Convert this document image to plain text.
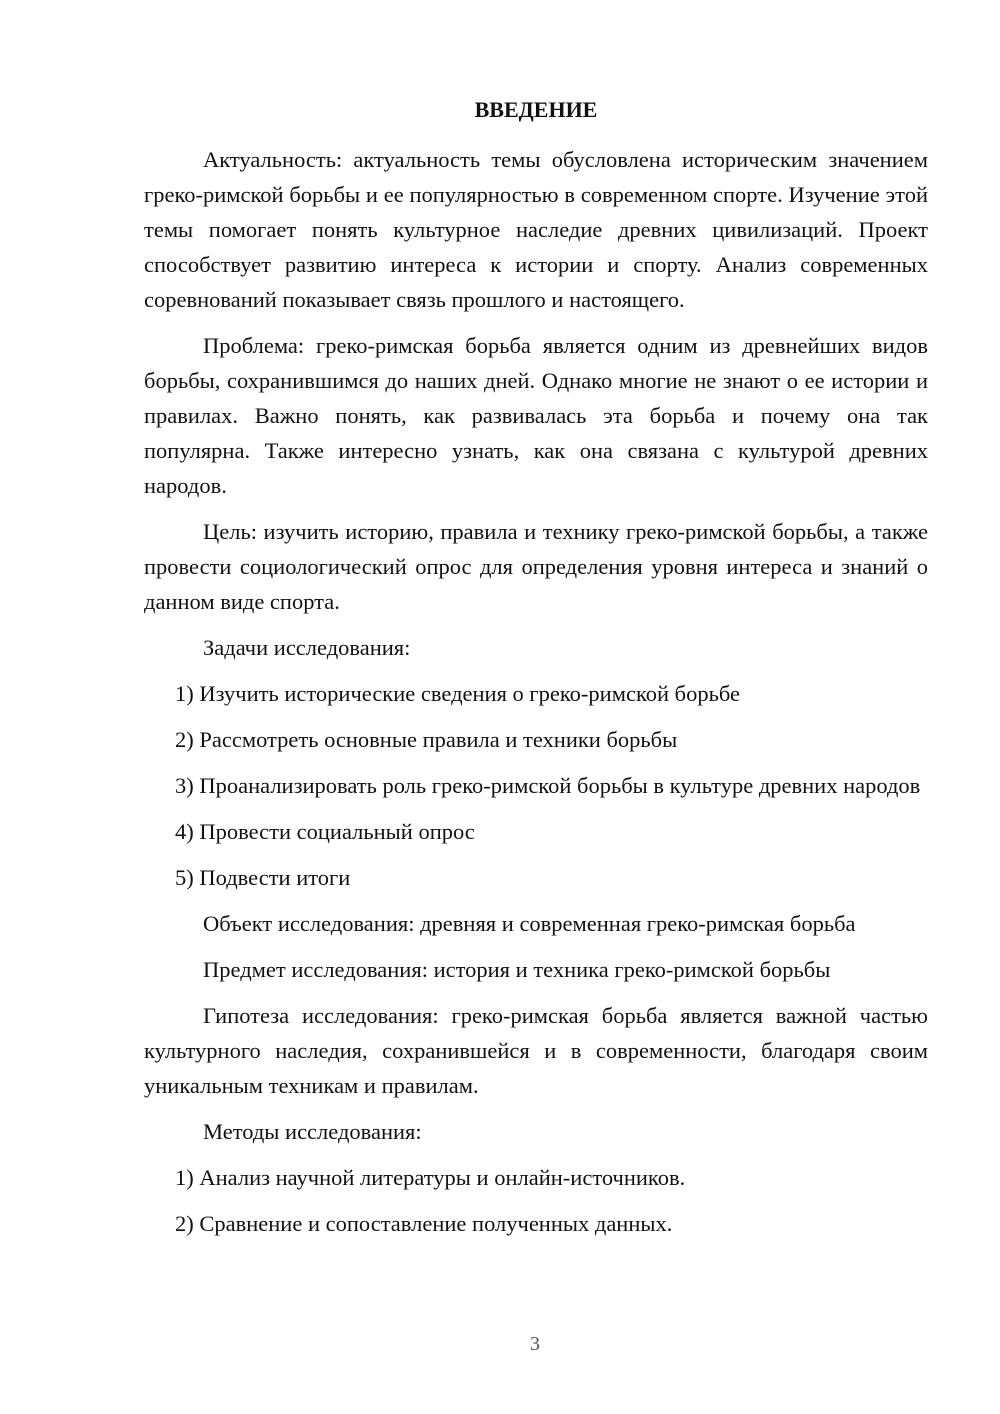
ВВЕДЕНИЕ

Актуальность: актуальность темы обусловлена историческим значением греко-римской борьбы и ее популярностью в современном спорте. Изучение этой темы помогает понять культурное наследие древних цивилизаций. Проект способствует развитию интереса к истории и спорту. Анализ современных соревнований показывает связь прошлого и настоящего.

Проблема: греко-римская борьба является одним из древнейших видов борьбы, сохранившимся до наших дней. Однако многие не знают о ее истории и правилах. Важно понять, как развивалась эта борьба и почему она так популярна. Также интересно узнать, как она связана с культурой древних народов.

Цель: изучить историю, правила и технику греко-римской борьбы, а также провести социологический опрос для определения уровня интереса и знаний о данном виде спорта.

Задачи исследования:

1) Изучить исторические сведения о греко-римской борьбе

2) Рассмотреть основные правила и техники борьбы

3) Проанализировать роль греко-римской борьбы в культуре древних народов

4) Провести социальный опрос

5) Подвести итоги

Объект исследования: древняя и современная греко-римская борьба

Предмет исследования: история и техника греко-римской борьбы

Гипотеза исследования: греко-римская борьба является важной частью культурного наследия, сохранившейся и в современности, благодаря своим уникальным техникам и правилам.

Методы исследования:

1) Анализ научной литературы и онлайн-источников.

2) Сравнение и сопоставление полученных данных.

3
